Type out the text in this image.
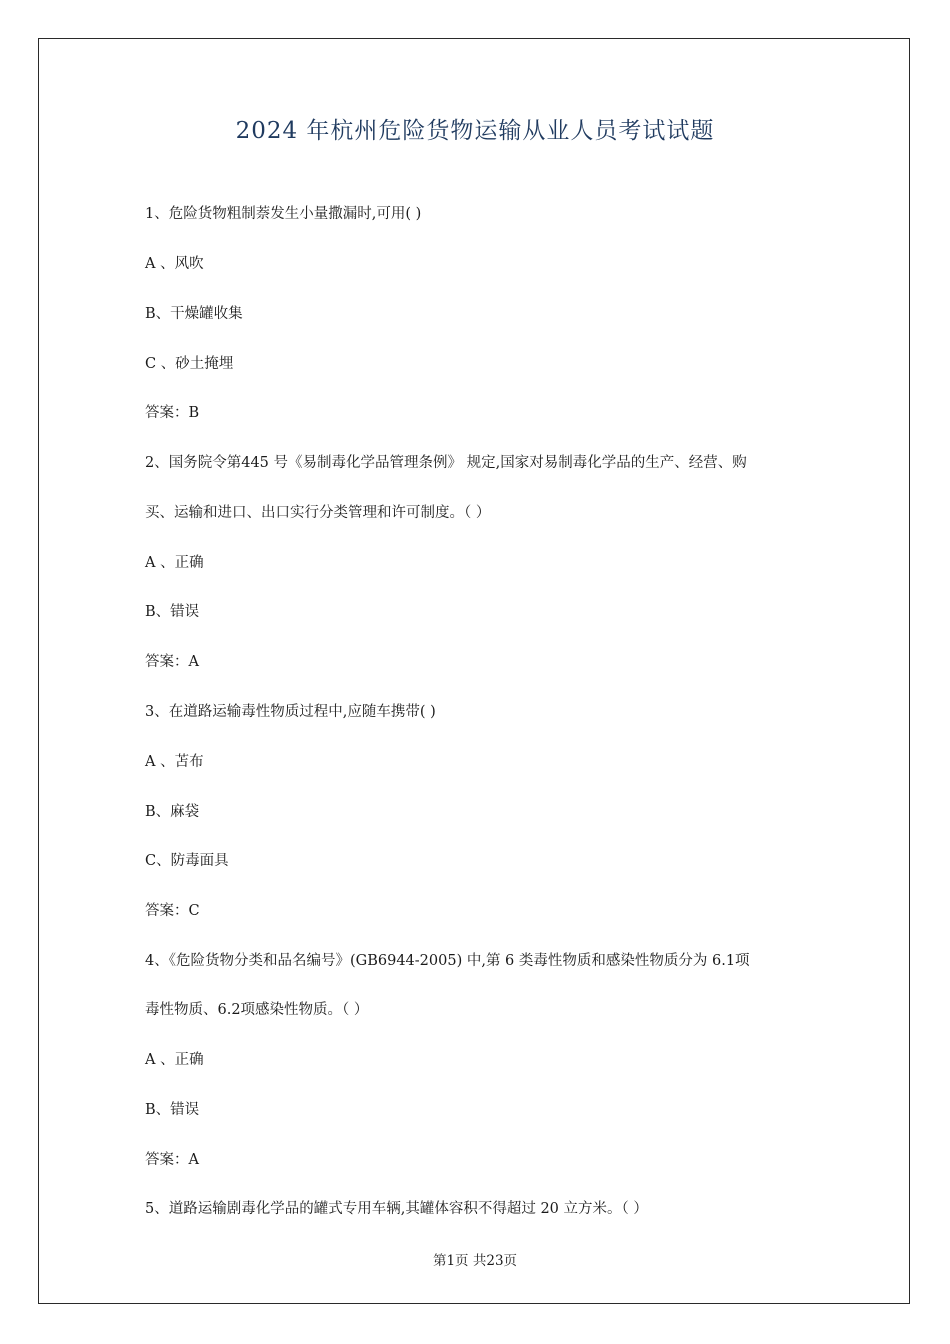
2024 年杭州危险货物运输从业人员考试试题
1、危险货物粗制萘发生小量撒漏时,可用( )
A 、风吹
B、干燥罐收集
C 、砂土掩埋
答案：B
2、国务院令第445 号《易制毒化学品管理条例》 规定,国家对易制毒化学品的生产、经营、购
买、运输和进口、出口实行分类管理和许可制度。（ ）
A 、正确
B、错误
答案：A
3、在道路运输毒性物质过程中,应随车携带( )
A 、苫布
B、麻袋
C、防毒面具
答案：C
4、《危险货物分类和品名编号》(GB6944-2005) 中,第 6 类毒性物质和感染性物质分为 6.1项
毒性物质、6.2项感染性物质。（ ）
A 、正确
B、错误
答案：A
5、道路运输剧毒化学品的罐式专用车辆,其罐体容积不得超过 20 立方米。（ ）
第1页 共23页
